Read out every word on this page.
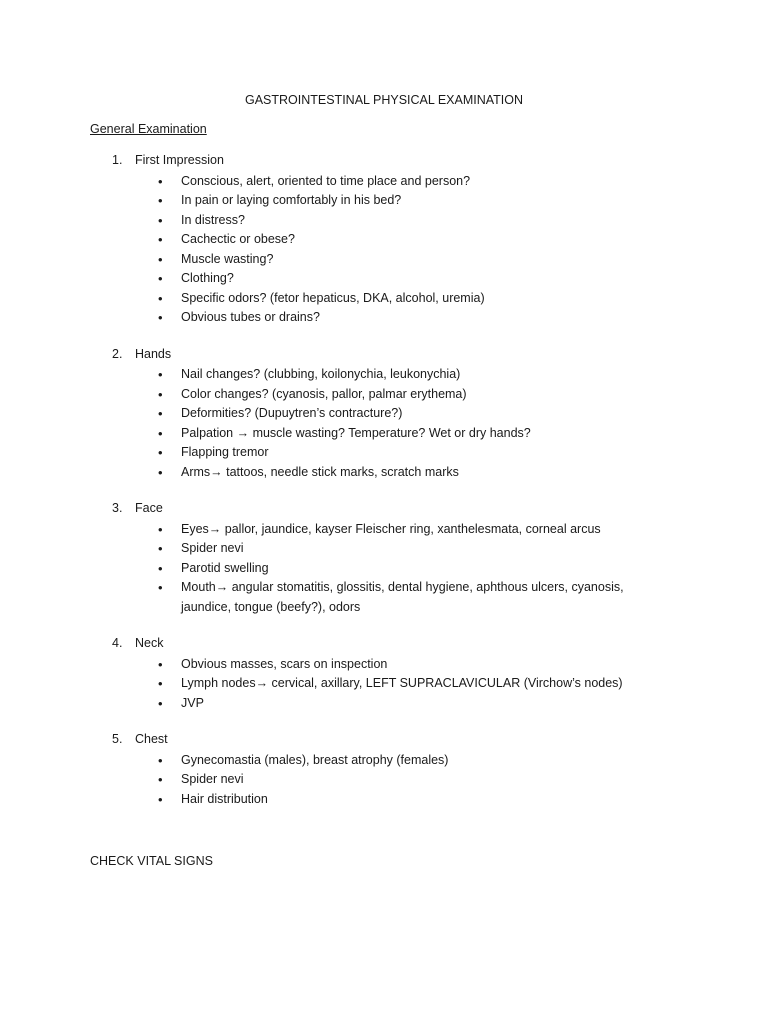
GASTROINTESTINAL PHYSICAL EXAMINATION
General Examination
1. First Impression
• Conscious, alert, oriented to time place and person?
• In pain or laying comfortably in his bed?
• In distress?
• Cachectic or obese?
• Muscle wasting?
• Clothing?
• Specific odors? (fetor hepaticus, DKA, alcohol, uremia)
• Obvious tubes or drains?
2. Hands
• Nail changes? (clubbing, koilonychia, leukonychia)
• Color changes? (cyanosis, pallor, palmar erythema)
• Deformities? (Dupuytren’s contracture?)
• Palpation → muscle wasting? Temperature? Wet or dry hands?
• Flapping tremor
• Arms→ tattoos, needle stick marks, scratch marks
3. Face
• Eyes→ pallor, jaundice, kayser Fleischer ring, xanthelesmata, corneal arcus
• Spider nevi
• Parotid swelling
• Mouth→ angular stomatitis, glossitis, dental hygiene, aphthous ulcers, cyanosis, jaundice, tongue (beefy?), odors
4. Neck
• Obvious masses, scars on inspection
• Lymph nodes→ cervical, axillary, LEFT SUPRACLAVICULAR (Virchow’s nodes)
• JVP
5. Chest
• Gynecomastia (males), breast atrophy (females)
• Spider nevi
• Hair distribution
CHECK VITAL SIGNS
